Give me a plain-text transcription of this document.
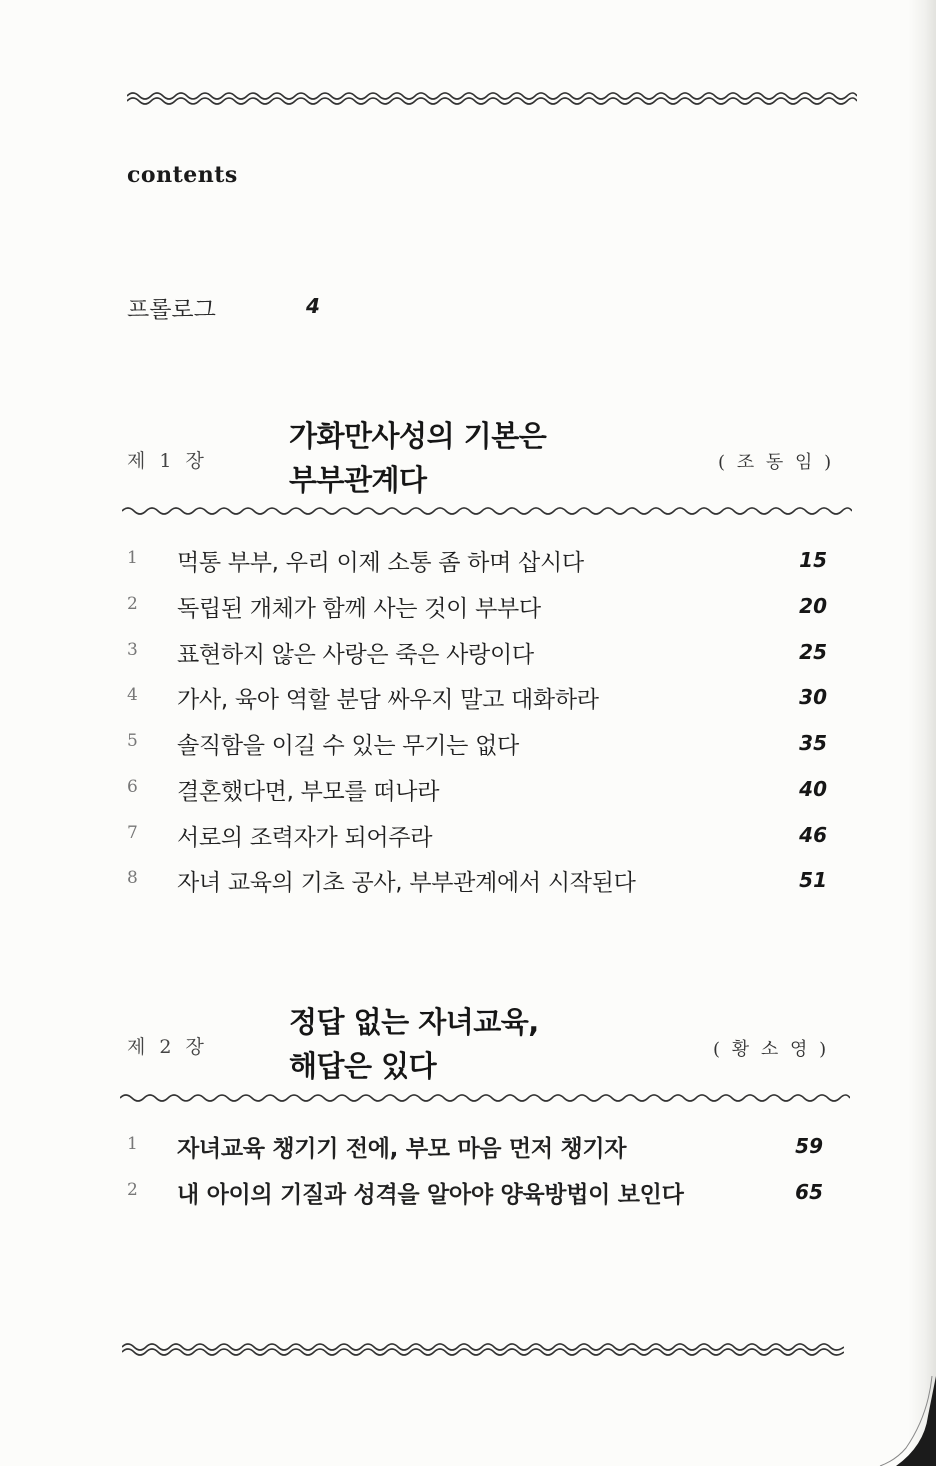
contents
프롤로그	4
제 1 장
가화만사성의 기본은
부부관계다
( 조 동 임 )
1	먹통 부부, 우리 이제 소통 좀 하며 삽시다	15
2	독립된 개체가 함께 사는 것이 부부다	20
3	표현하지 않은 사랑은 죽은 사랑이다	25
4	가사, 육아 역할 분담 싸우지 말고 대화하라	30
5	솔직함을 이길 수 있는 무기는 없다	35
6	결혼했다면, 부모를 떠나라	40
7	서로의 조력자가 되어주라	46
8	자녀 교육의 기초 공사, 부부관계에서 시작된다	51
제 2 장
정답 없는 자녀교육,
해답은 있다	( 황 소 영 )
1	자녀교육 챙기기 전에, 부모 마음 먼저 챙기자	59
2	내 아이의 기질과 성격을 알아야 양육방법이 보인다	65
